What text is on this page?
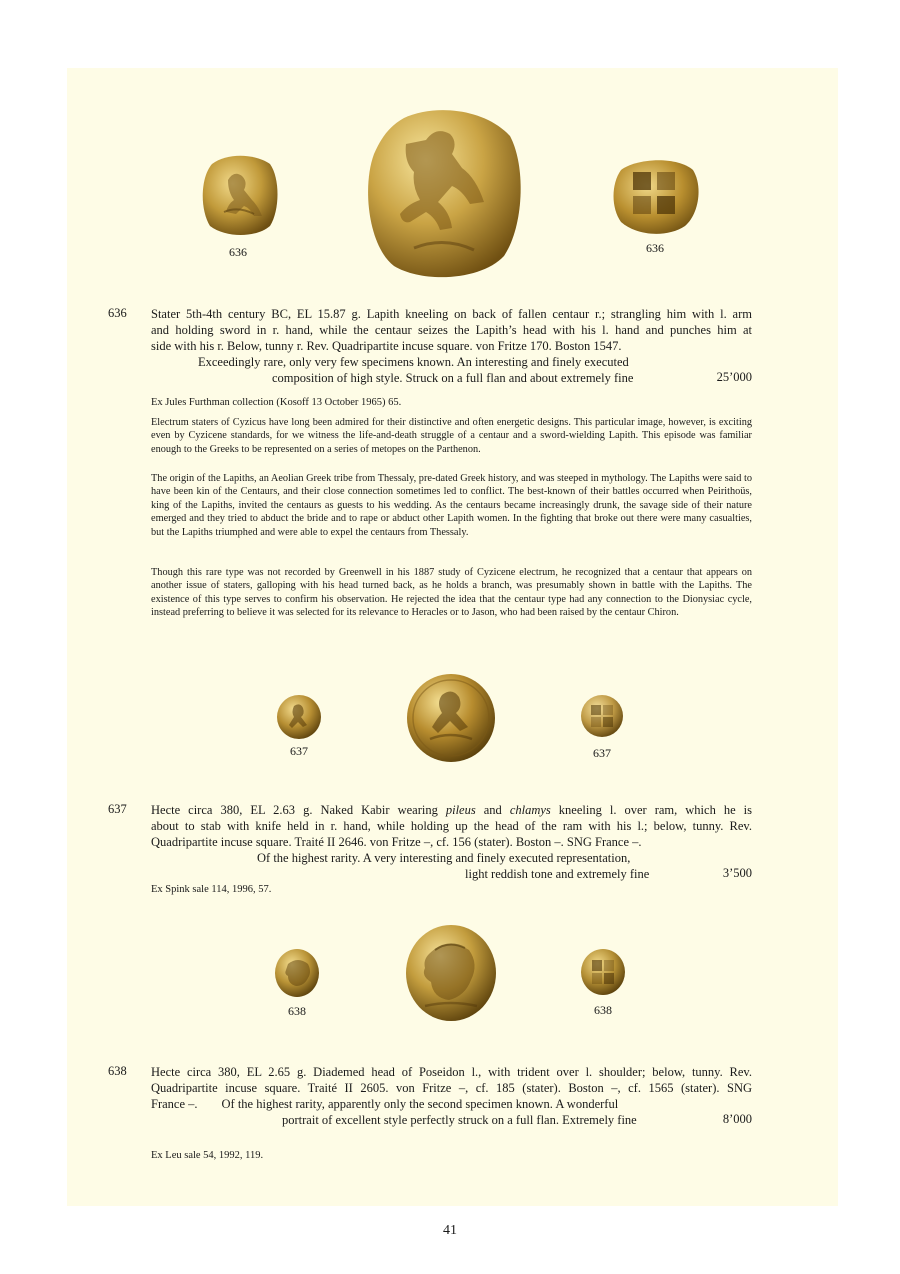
636	636
636 Stater 5th-4th century BC, EL 15.87 g. Lapith kneeling on back of fallen centaur r.; strangling him with l. arm
and holding sword in r. hand, while the centaur seizes the Lapith’s head with his l. hand and punches him at
side with his r. Below, tunny r. Rev. Quadripartite incuse square. von Fritze 170. Boston 1547.
Exceedingly rare, only very few specimens known. An interesting and finely executed
composition of high style. Struck on a full flan and about extremely fine	25’000
Ex Jules Furthman collection (Kosoff 13 October 1965) 65.
Electrum staters of Cyzicus have long been admired for their distinctive and often energetic designs. This particular image, however, is exciting even by Cyzicene standards, for we witness the life-and-death struggle of a centaur and a sword-wielding Lapith. This episode was familiar enough to the Greeks to be represented on a series of metopes on the Parthenon.
The origin of the Lapiths, an Aeolian Greek tribe from Thessaly, pre-dated Greek history, and was steeped in mythology. The Lapiths were said to have been kin of the Centaurs, and their close connection sometimes led to conflict. The best-known of their battles occurred when Peirithoüs, king of the Lapiths, invited the centaurs as guests to his wedding. As the centaurs became increasingly drunk, the savage side of their nature emerged and they tried to abduct the bride and to rape or abduct other Lapith women. In the fighting that broke out there were many casualties, but the Lapiths triumphed and were able to expel the centaurs from Thessaly.
Though this rare type was not recorded by Greenwell in his 1887 study of Cyzicene electrum, he recognized that a centaur that appears on another issue of staters, galloping with his head turned back, as he holds a branch, was presumably shown in battle with the Lapiths. The existence of this type serves to confirm his observation. He rejected the idea that the centaur type had any connection to the Dionysiac cycle, instead preferring to believe it was selected for its relevance to Heracles or to Jason, who had been raised by the centaur Chiron.
637	637
637 Hecte circa 380, EL 2.63 g. Naked Kabir wearing pileus and chlamys kneeling l. over ram, which he is
about to stab with knife held in r. hand, while holding up the head of the ram with his l.; below, tunny. Rev.
Quadripartite incuse square. Traité II 2646. von Fritze –, cf. 156 (stater). Boston –. SNG France –.
Of the highest rarity. A very interesting and finely executed representation,
light reddish tone and extremely fine	3’500
Ex Spink sale 114, 1996, 57.
638	638
638 Hecte circa 380, EL 2.65 g. Diademed head of Poseidon l., with trident over l. shoulder; below, tunny. Rev.
Quadripartite incuse square. Traité II 2605. von Fritze –, cf. 185 (stater). Boston –, cf. 1565 (stater). SNG
France –. Of the highest rarity, apparently only the second specimen known. A wonderful
portrait of excellent style perfectly struck on a full flan. Extremely fine	8’000
Ex Leu sale 54, 1992, 119.
41
